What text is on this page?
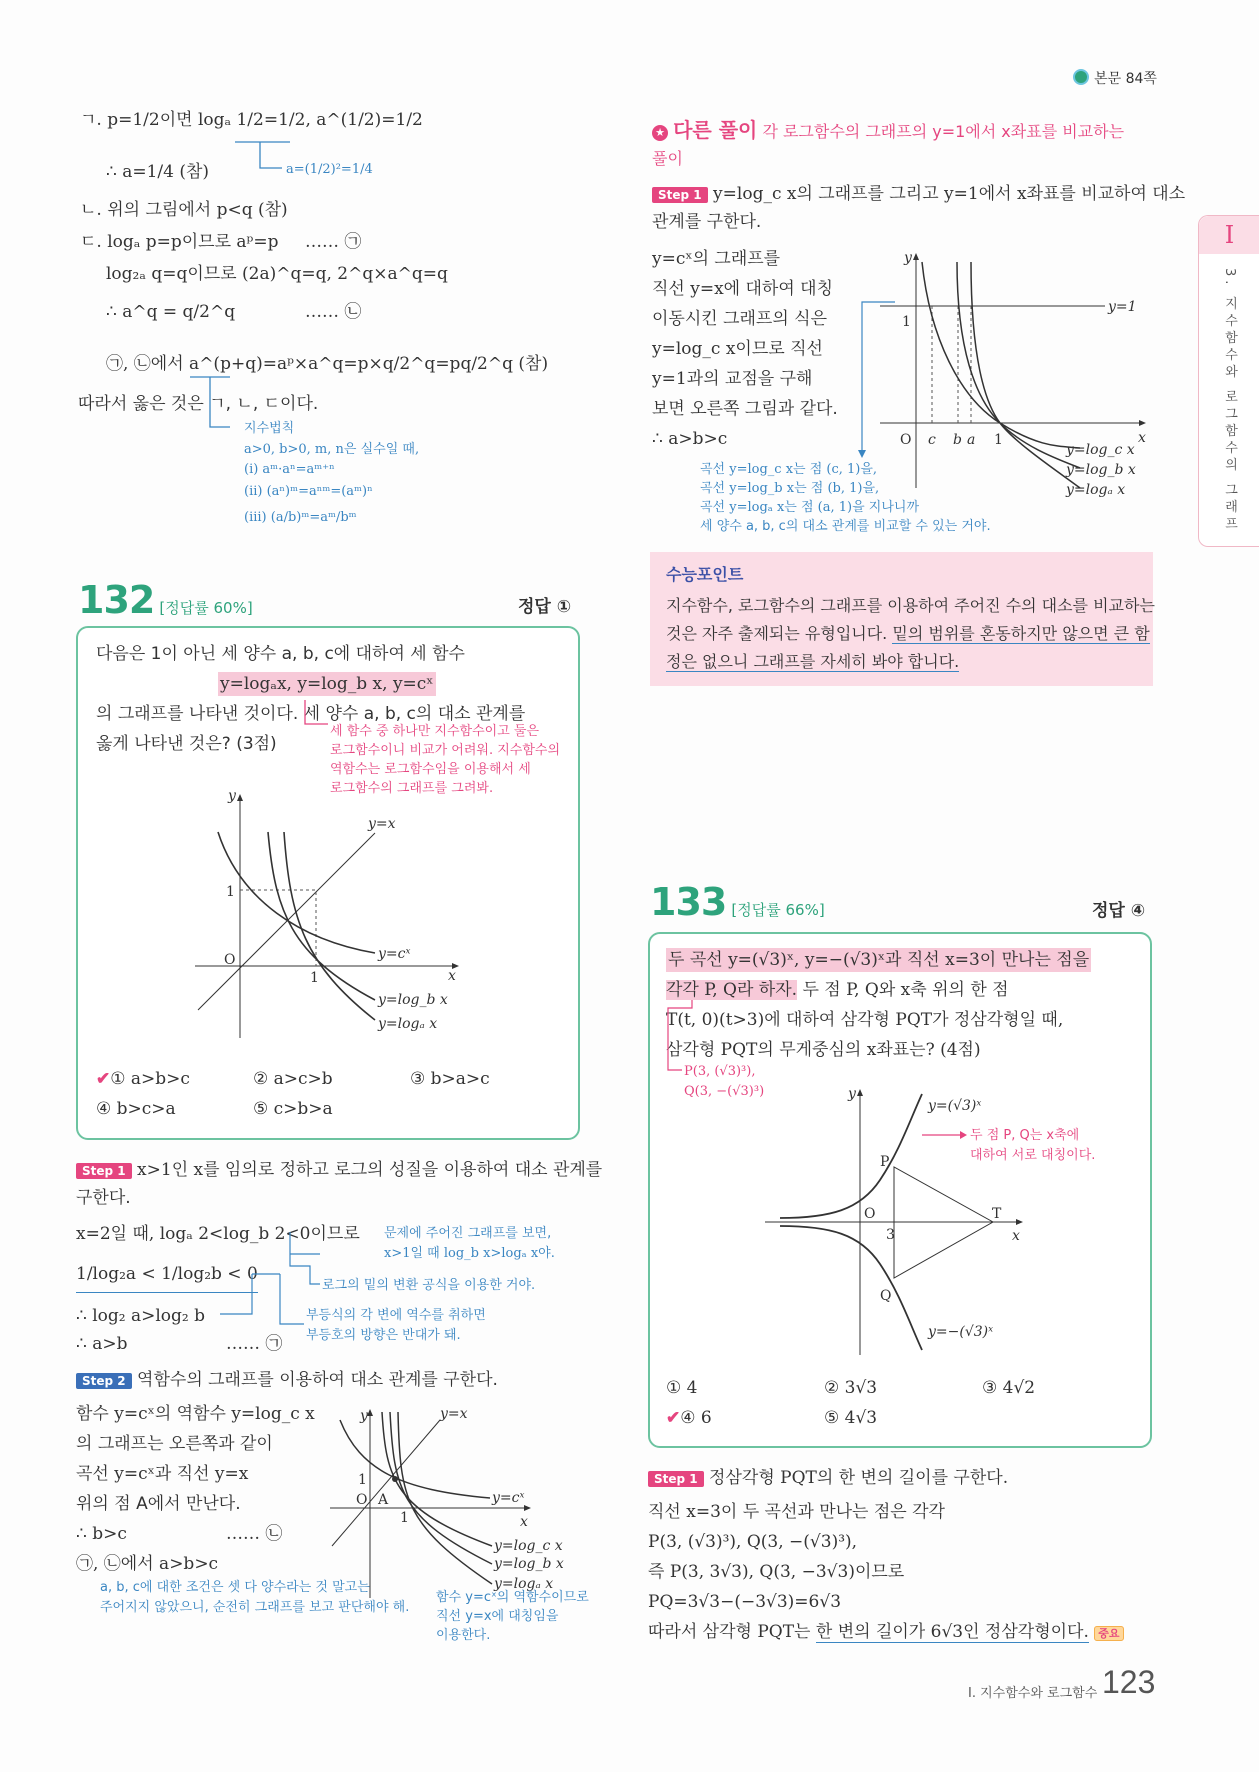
본문 84쪽
I
3. 지수함수와 로그함수의 그래프
ㄱ. p=1/2이면 logₐ 1/2=1/2, a^(1/2)=1/2
a=(1/2)²=1/4
∴ a=1/4 (참)
ㄴ. 위의 그림에서 p<q (참)
ㄷ. logₐ p=p이므로 aᵖ=p …… ㉠
log₂ₐ q=q이므로 (2a)^q=q, 2^q×a^q=q
∴ a^q = q/2^q	…… ㉡
㉠, ㉡에서 a^(p+q)=aᵖ×a^q=p×q/2^q=pq/2^q (참)
따라서 옳은 것은 ㄱ, ㄴ, ㄷ이다.
지수법칙
a>0, b>0, m, n은 실수일 때,
(i) aᵐ·aⁿ=aᵐ⁺ⁿ
(ii) (aⁿ)ᵐ=aⁿᵐ=(aᵐ)ⁿ
(iii) (a/b)ᵐ=aᵐ/bᵐ
132 [정답률 60%]	정답 ①
다음은 1이 아닌 세 양수 a, b, c에 대하여 세 함수
y=logₐx, y=log_b x, y=cˣ
의 그래프를 나타낸 것이다. 세 양수 a, b, c의 대소 관계를
옳게 나타낸 것은? (3점)
세 함수 중 하나만 지수함수이고 둘은
로그함수이니 비교가 어려워. 지수함수의
역함수는 로그함수임을 이용해서 세
로그함수의 그래프를 그려봐.
y
x
O
1
1
y=x
y=cˣ
y=log_b x
y=logₐ x
✔① a>b>c	② a>c>b	③ b>a>c
④ b>c>a	⑤ c>b>a
Step 1 x>1인 x를 임의로 정하고 로그의 성질을 이용하여 대소 관계를
구한다.
x=2일 때, logₐ 2<log_b 2<0이므로 문제에 주어진 그래프를 보면,
x>1일 때 log_b x>logₐ x야.
1/log₂a < 1/log₂b < 0
로그의 밑의 변환 공식을 이용한 거야.
∴ log₂ a>log₂ b	부등식의 각 변에 역수를 취하면
부등호의 방향은 반대가 돼.
∴ a>b	…… ㉠
Step 2 역함수의 그래프를 이용하여 대소 관계를 구한다.
함수 y=cˣ의 역함수 y=log_c x
의 그래프는 오른쪽과 같이
곡선 y=cˣ과 직선 y=x
위의 점 A에서 만난다.
∴ b>c	…… ㉡
㉠, ㉡에서 a>b>c
a, b, c에 대한 조건은 셋 다 양수라는 것 말고는
주어지지 않았으니, 순전히 그래프를 보고 판단해야 해.
y
x
O A
1
1
y=x
y=cˣ
y=log_c x
y=log_b x
y=logₐ x
함수 y=cˣ의 역함수이므로
직선 y=x에 대칭임을
이용한다.
★ 다른 풀이 각 로그함수의 그래프의 y=1에서 x좌표를 비교하는
풀이
Step 1 y=log_c x의 그래프를 그리고 y=1에서 x좌표를 비교하여 대소
관계를 구한다.
y=cˣ의 그래프를
직선 y=x에 대하여 대칭
이동시킨 그래프의 식은
y=log_c x이므로 직선
y=1과의 교점을 구해
보면 오른쪽 그림과 같다.
∴ a>b>c
곡선 y=log_c x는 점 (c, 1)을,
곡선 y=log_b x는 점 (b, 1)을,
곡선 y=logₐ x는 점 (a, 1)을 지나니까
세 양수 a, b, c의 대소 관계를 비교할 수 있는 거야.
y
x
O c b a 1
1
y=1
y=log_c x
y=log_b x
y=logₐ x
수능포인트
지수함수, 로그함수의 그래프를 이용하여 주어진 수의 대소를 비교하는
것은 자주 출제되는 유형입니다. 밑의 범위를 혼동하지만 않으면 큰 함
정은 없으니 그래프를 자세히 봐야 합니다.
133 [정답률 66%]	정답 ④
두 곡선 y=(√3)ˣ, y=−(√3)ˣ과 직선 x=3이 만나는 점을
각각 P, Q라 하자. 두 점 P, Q와 x축 위의 한 점
T(t, 0)(t>3)에 대하여 삼각형 PQT가 정삼각형일 때,
삼각형 PQT의 무게중심의 x좌표는? (4점)
P(3, (√3)³),
Q(3, −(√3)³)	y
x
O
3
P
Q
T
y=(√3)ˣ
y=−(√3)ˣ
두 점 P, Q는 x축에
대하여 서로 대칭이다.
① 4	② 3√3	③ 4√2
✔④ 6	⑤ 4√3
Step 1 정삼각형 PQT의 한 변의 길이를 구한다.
직선 x=3이 두 곡선과 만나는 점은 각각
P(3, (√3)³), Q(3, −(√3)³),
즉 P(3, 3√3), Q(3, −3√3)이므로
PQ=3√3−(−3√3)=6√3
따라서 삼각형 PQT는 한 변의 길이가 6√3인 정삼각형이다. 중요
Ⅰ. 지수함수와 로그함수 123
